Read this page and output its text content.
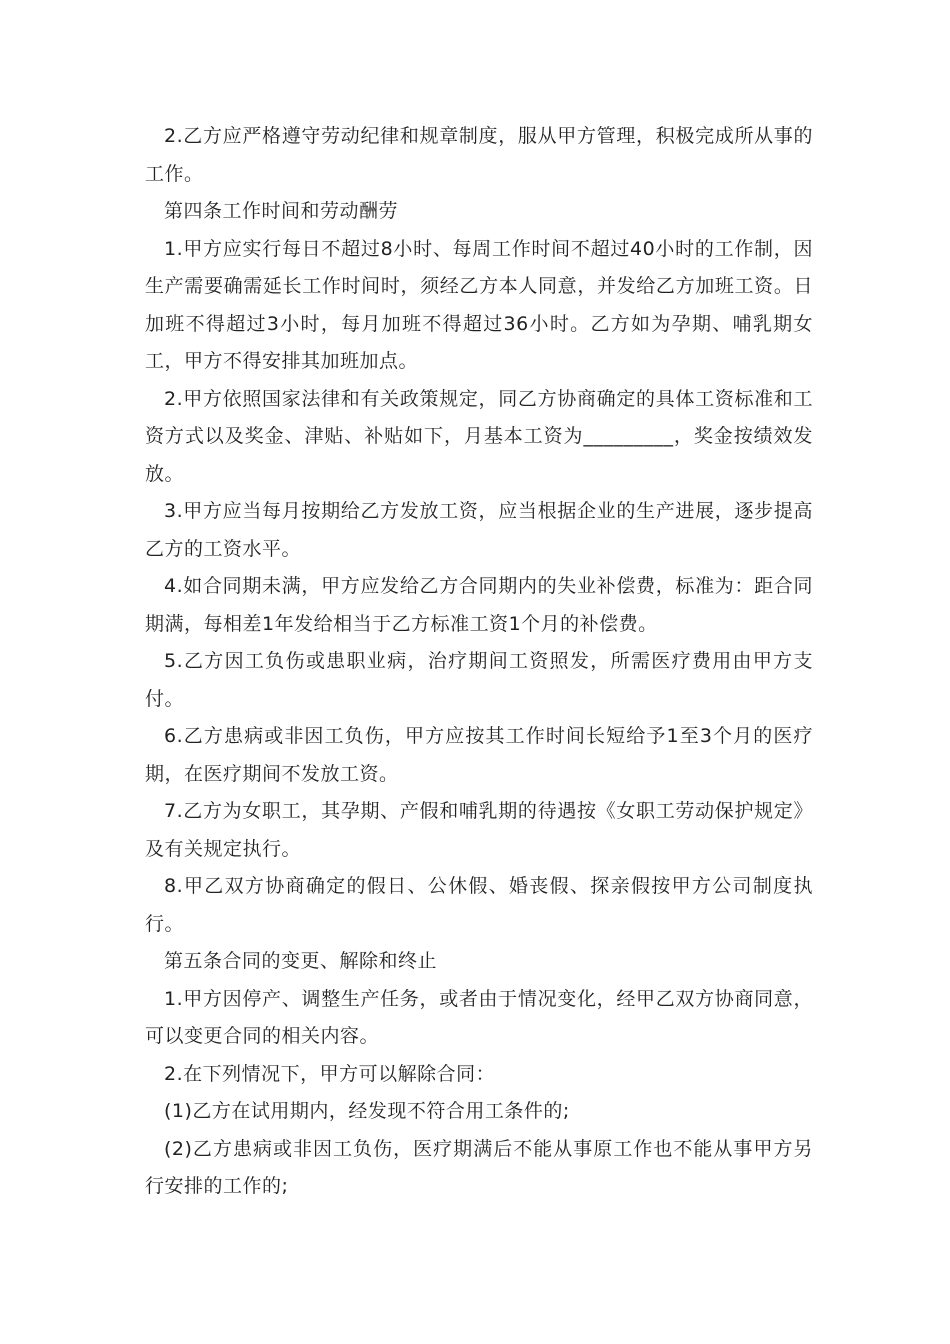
2.乙方应严格遵守劳动纪律和规章制度，服从甲方管理，积极完成所从事的工作。

第四条工作时间和劳动酬劳

1.甲方应实行每日不超过8小时、每周工作时间不超过40小时的工作制，因生产需要确需延长工作时间时，须经乙方本人同意，并发给乙方加班工资。日加班不得超过3小时，每月加班不得超过36小时。乙方如为孕期、哺乳期女工，甲方不得安排其加班加点。

2.甲方依照国家法律和有关政策规定，同乙方协商确定的具体工资标准和工资方式以及奖金、津贴、补贴如下，月基本工资为_________，奖金按绩效发放。

3.甲方应当每月按期给乙方发放工资，应当根据企业的生产进展，逐步提高乙方的工资水平。

4.如合同期未满，甲方应发给乙方合同期内的失业补偿费，标准为：距合同期满，每相差1年发给相当于乙方标准工资1个月的补偿费。

5.乙方因工负伤或患职业病，治疗期间工资照发，所需医疗费用由甲方支付。

6.乙方患病或非因工负伤，甲方应按其工作时间长短给予1至3个月的医疗期，在医疗期间不发放工资。

7.乙方为女职工，其孕期、产假和哺乳期的待遇按《女职工劳动保护规定》及有关规定执行。

8.甲乙双方协商确定的假日、公休假、婚丧假、探亲假按甲方公司制度执行。

第五条合同的变更、解除和终止

1.甲方因停产、调整生产任务，或者由于情况变化，经甲乙双方协商同意，可以变更合同的相关内容。

2.在下列情况下，甲方可以解除合同：

(1)乙方在试用期内，经发现不符合用工条件的;

(2)乙方患病或非因工负伤，医疗期满后不能从事原工作也不能从事甲方另行安排的工作的;
